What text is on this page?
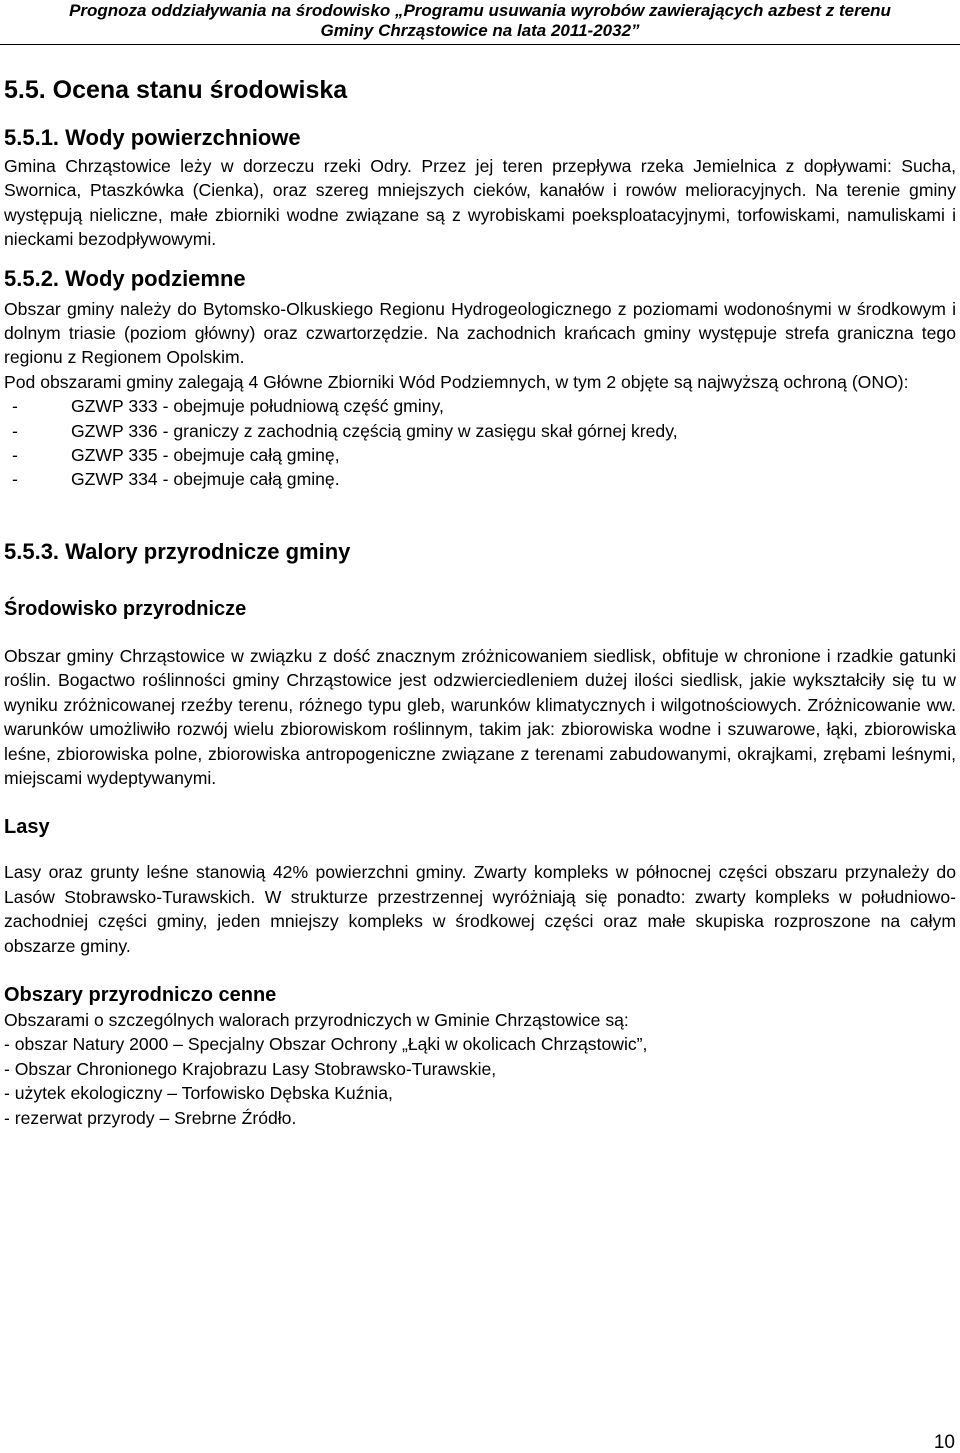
Prognoza oddziaływania na środowisko „Programu usuwania wyrobów zawierających azbest z terenu
Gminy Chrząstowice na lata 2011-2032”
5.5. Ocena stanu środowiska
5.5.1. Wody powierzchniowe

Gmina Chrząstowice leży w dorzeczu rzeki Odry. Przez jej teren przepływa rzeka Jemielnica z dopływami: Sucha, Swornica, Ptaszkówka (Cienka), oraz szereg mniejszych cieków, kanałów i rowów melioracyjnych. Na terenie gminy występują nieliczne, małe zbiorniki wodne związane są z wyrobiskami poeksploatacyjnymi, torfowiskami, namuliskami i nieckami bezodpływowymi.

5.5.2. Wody podziemne

Obszar gminy należy do Bytomsko-Olkuskiego Regionu Hydrogeologicznego z poziomami wodonośnymi w środkowym i dolnym triasie (poziom główny) oraz czwartorzędzie. Na zachodnich krańcach gminy występuje strefa graniczna tego regionu z Regionem Opolskim.

Pod obszarami gminy zalegają 4 Główne Zbiorniki Wód Podziemnych, w tym 2 objęte są najwyższą ochroną (ONO):

-	GZWP 333 - obejmuje południową część gminy,
-	GZWP 336 - graniczy z zachodnią częścią gminy w zasięgu skał górnej kredy,
-	GZWP 335 - obejmuje całą gminę,
-	GZWP 334 - obejmuje całą gminę.
5.5.3. Walory przyrodnicze gminy
Środowisko przyrodnicze

Obszar gminy Chrząstowice w związku z dość znacznym zróżnicowaniem siedlisk, obfituje w chronione i rzadkie gatunki roślin. Bogactwo roślinności gminy Chrząstowice jest odzwierciedleniem dużej ilości siedlisk, jakie wykształciły się tu w wyniku zróżnicowanej rzeźby terenu, różnego typu gleb, warunków klimatycznych i wilgotnościowych. Zróżnicowanie ww. warunków umożliwiło rozwój wielu zbiorowiskom roślinnym, takim jak: zbiorowiska wodne i szuwarowe, łąki, zbiorowiska leśne, zbiorowiska polne, zbiorowiska antropogeniczne związane z terenami zabudowanymi, okrajkami, zrębami leśnymi, miejscami wydeptywanymi.

Lasy

Lasy oraz grunty leśne stanowią 42% powierzchni gminy. Zwarty kompleks w północnej części obszaru przynależy do Lasów Stobrawsko-Turawskich. W strukturze przestrzennej wyróżniają się ponadto: zwarty kompleks w południowo-zachodniej części gminy, jeden mniejszy kompleks w środkowej części oraz małe skupiska rozproszone na całym obszarze gminy.

Obszary przyrodniczo cenne

Obszarami o szczególnych walorach przyrodniczych w Gminie Chrząstowice są:

- obszar Natury 2000 – Specjalny Obszar Ochrony „Łąki w okolicach Chrząstowic”,
- Obszar Chronionego Krajobrazu Lasy Stobrawsko-Turawskie,
- użytek ekologiczny – Torfowisko Dębska Kuźnia,
- rezerwat przyrody – Srebrne Źródło.
10
